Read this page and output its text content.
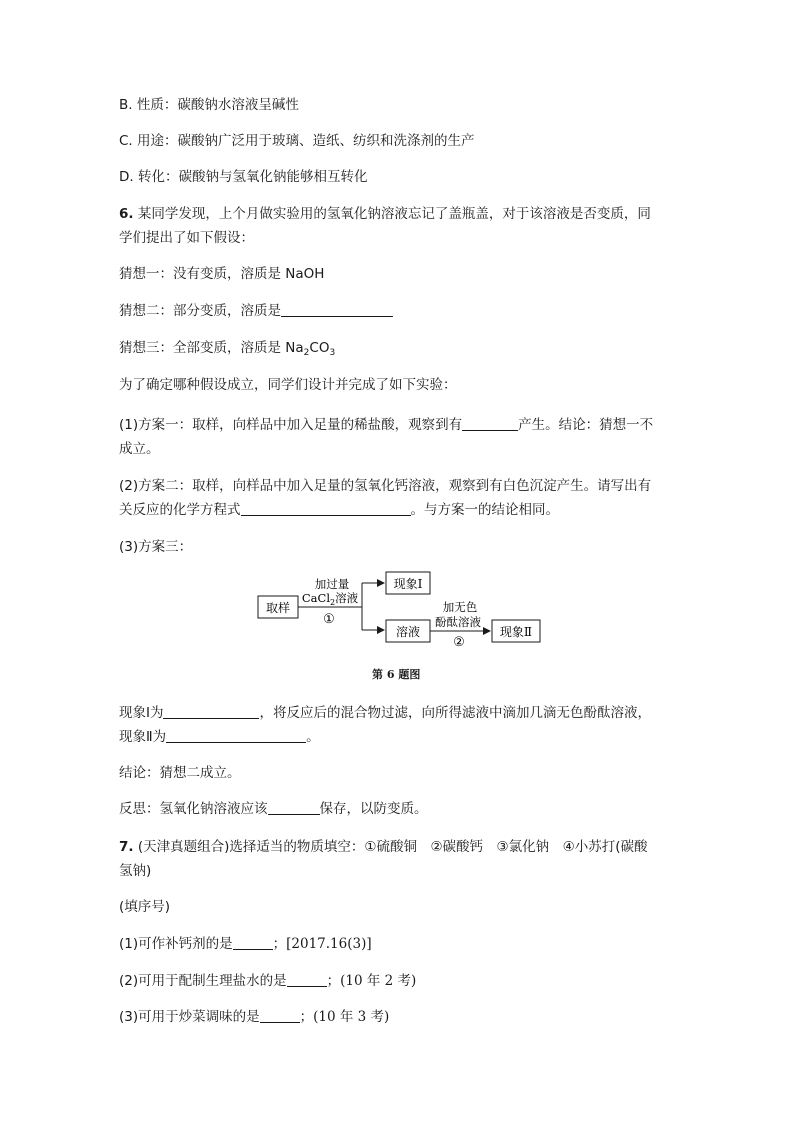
B. 性质：碳酸钠水溶液呈碱性
C. 用途：碳酸钠广泛用于玻璃、造纸、纺织和洗涤剂的生产
D. 转化：碳酸钠与氢氧化钠能够相互转化
6. 某同学发现，上个月做实验用的氢氧化钠溶液忘记了盖瓶盖，对于该溶液是否变质，同
学们提出了如下假设：
猜想一：没有变质，溶质是 NaOH
猜想二：部分变质，溶质是
猜想三：全部变质，溶质是 $Na_2CO_3$
为了确定哪种假设成立，同学们设计并完成了如下实验：
(1)方案一：取样，向样品中加入足量的稀盐酸，观察到有	产生。结论：猜想一不
成立。
(2)方案二：取样，向样品中加入足量的氢氧化钙溶液，观察到有白色沉淀产生。请写出有
关反应的化学方程式	。与方案一的结论相同。
(3)方案三：
取样
加过量
CaCl$_2$溶液
①
现象Ⅰ
溶液
加无色
酚酞溶液
②
现象Ⅱ
第 6 题图
现象Ⅰ为	，将反应后的混合物过滤，向所得滤液中滴加几滴无色酚酞溶液，
现象Ⅱ为	。
结论：猜想二成立。
反思：氢氧化钠溶液应该	保存，以防变质。
7. (天津真题组合)选择适当的物质填空：①硫酸铜　②碳酸钙　③氯化钠　④小苏打(碳酸
氢钠)
(填序号)
(1)可作补钙剂的是	；[2017.16(3)]
(2)可用于配制生理盐水的是	；(10 年 2 考)
(3)可用于炒菜调味的是	；(10 年 3 考)
